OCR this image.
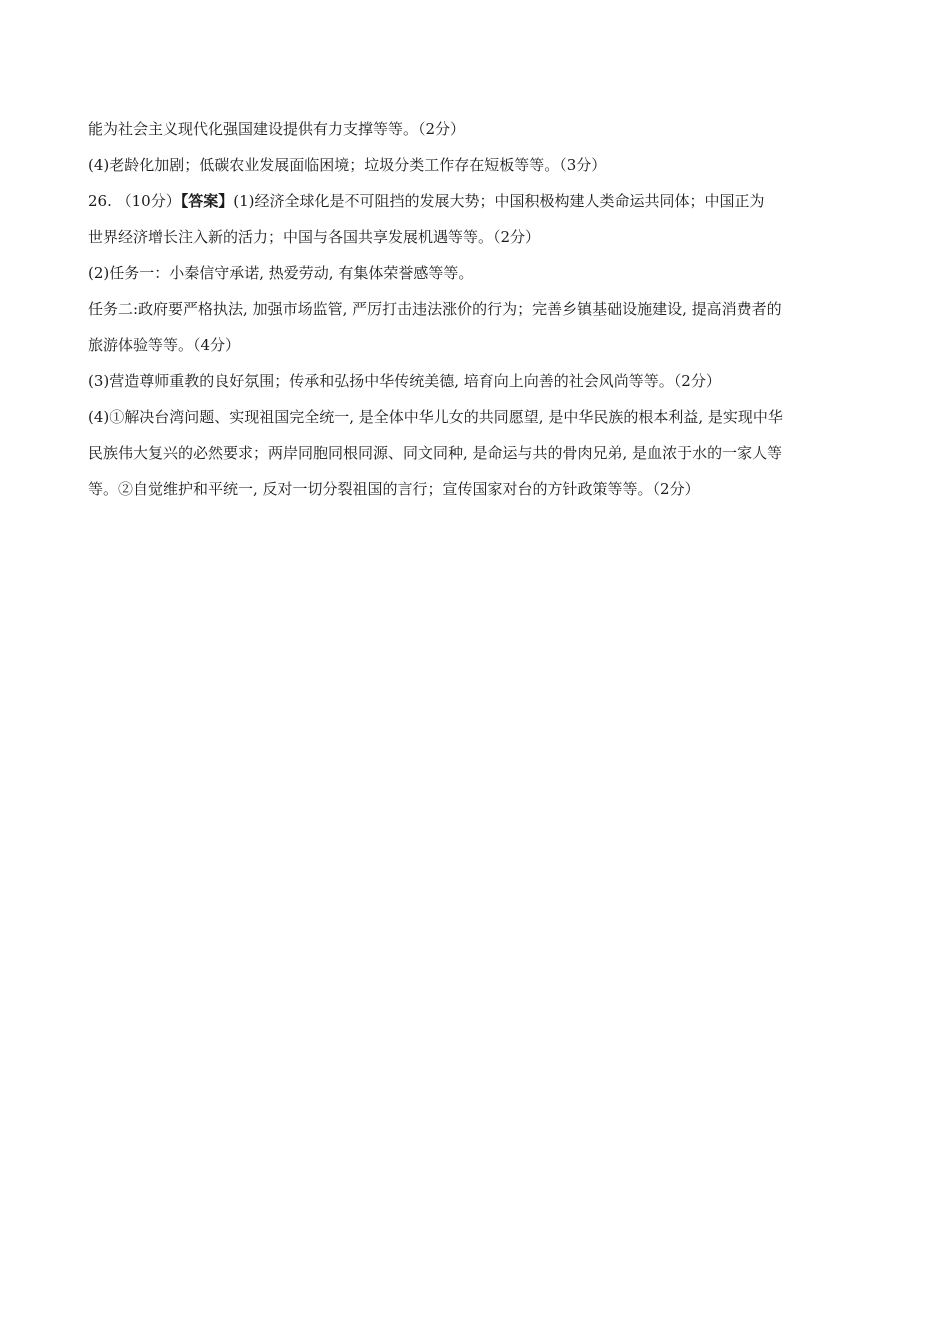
能为社会主义现代化强国建设提供有力支撑等等。（2分）
(4)老龄化加剧；低碳农业发展面临困境；垃圾分类工作存在短板等等。（3分）
26. （10分）【答案】(1)经济全球化是不可阻挡的发展大势；中国积极构建人类命运共同体；中国正为
世界经济增长注入新的活力；中国与各国共享发展机遇等等。（2分）
(2)任务一：小秦信守承诺, 热爱劳动, 有集体荣誉感等等。
任务二:政府要严格执法, 加强市场监管, 严厉打击违法涨价的行为；完善乡镇基础设施建设, 提高消费者的
旅游体验等等。（4分）
(3)营造尊师重教的良好氛围；传承和弘扬中华传统美德, 培育向上向善的社会风尚等等。（2分）
(4)①解决台湾问题、实现祖国完全统一, 是全体中华儿女的共同愿望, 是中华民族的根本利益, 是实现中华
民族伟大复兴的必然要求；两岸同胞同根同源、同文同种, 是命运与共的骨肉兄弟, 是血浓于水的一家人等
等。②自觉维护和平统一, 反对一切分裂祖国的言行；宣传国家对台的方针政策等等。（2分）
